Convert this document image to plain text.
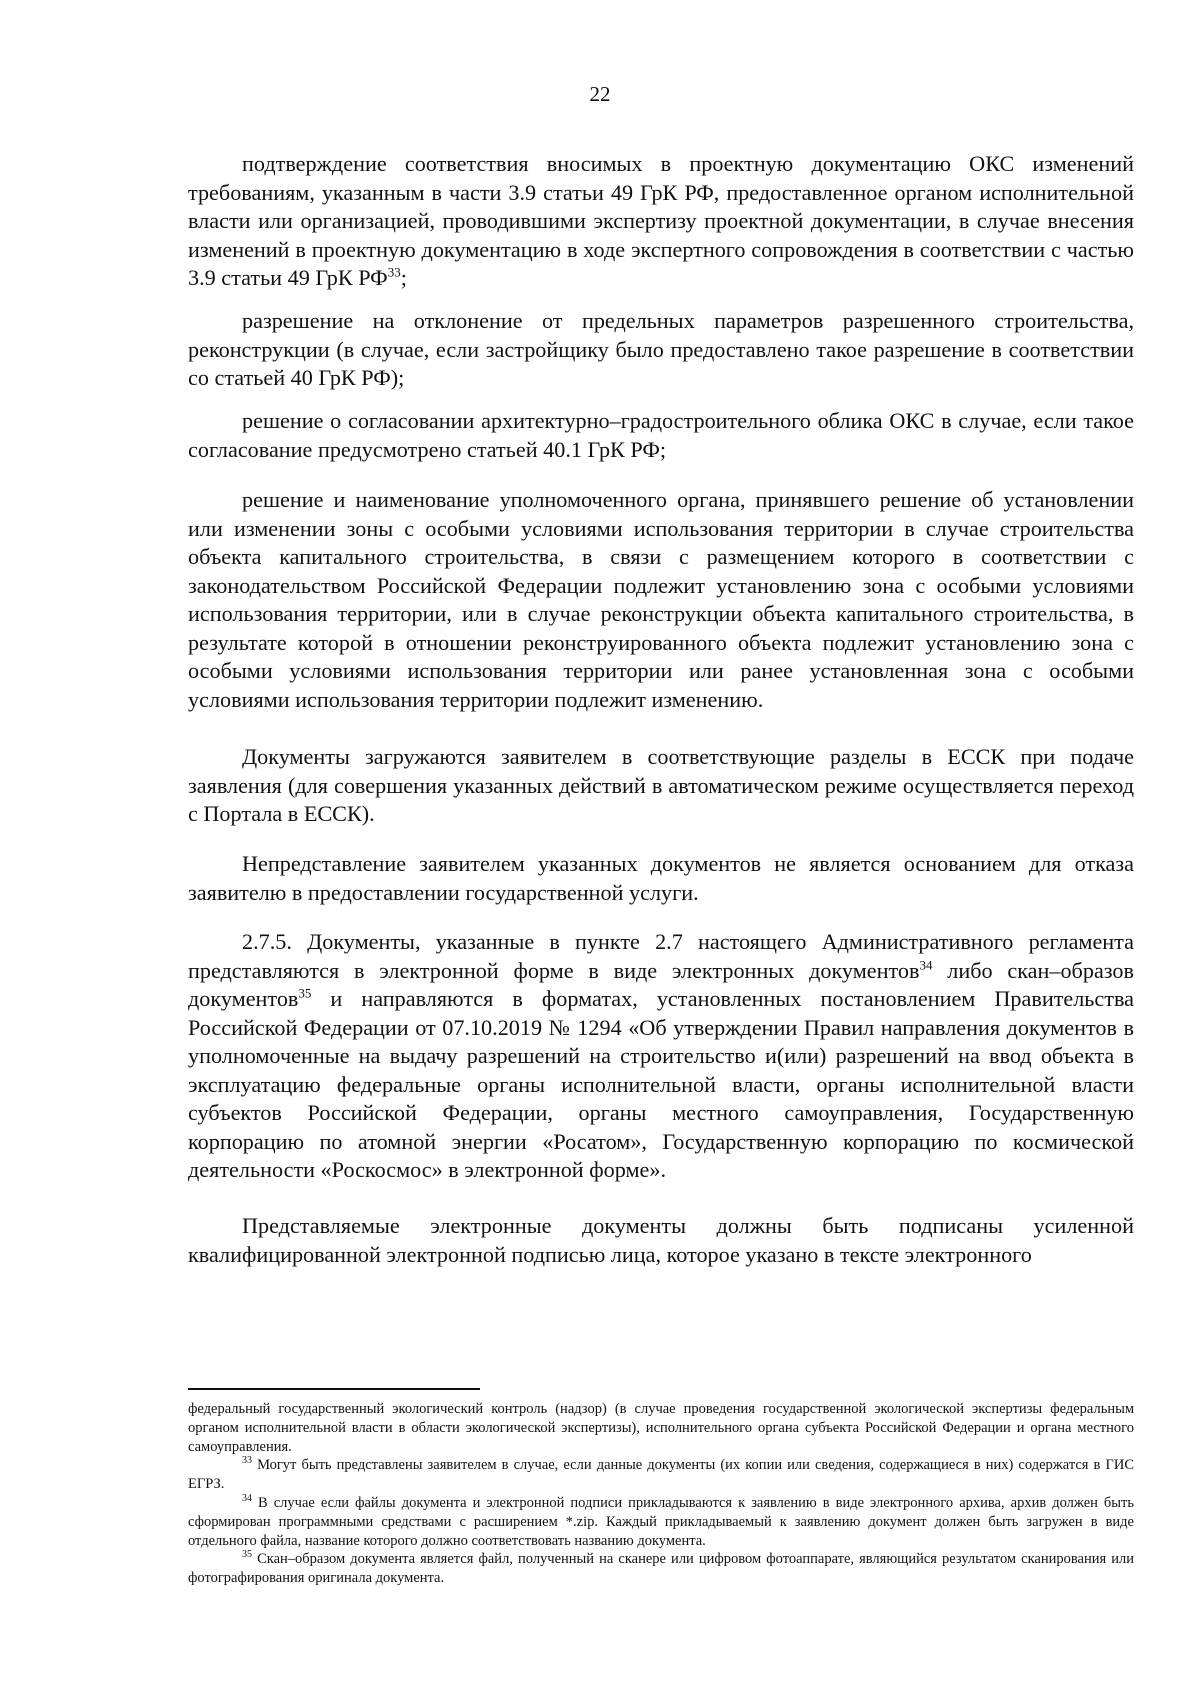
22

подтверждение соответствия вносимых в проектную документацию ОКС изменений требованиям, указанным в части 3.9 статьи 49 ГрК РФ, предоставленное органом исполнительной власти или организацией, проводившими экспертизу проектной документации, в случае внесения изменений в проектную документацию в ходе экспертного сопровождения в соответствии с частью 3.9 статьи 49 ГрК РФ$^{33}$;

разрешение на отклонение от предельных параметров разрешенного строительства, реконструкции (в случае, если застройщику было предоставлено такое разрешение в соответствии со статьей 40 ГрК РФ);

решение о согласовании архитектурно–градостроительного облика ОКС в случае, если такое согласование предусмотрено статьей 40.1 ГрК РФ;

решение и наименование уполномоченного органа, принявшего решение об установлении или изменении зоны с особыми условиями использования территории в случае строительства объекта капитального строительства, в связи с размещением которого в соответствии с законодательством Российской Федерации подлежит установлению зона с особыми условиями использования территории, или в случае реконструкции объекта капитального строительства, в результате которой в отношении реконструированного объекта подлежит установлению зона с особыми условиями использования территории или ранее установленная зона с особыми условиями использования территории подлежит изменению.

Документы загружаются заявителем в соответствующие разделы в ЕССК при подаче заявления (для совершения указанных действий в автоматическом режиме осуществляется переход с Портала в ЕССК).

Непредставление заявителем указанных документов не является основанием для отказа заявителю в предоставлении государственной услуги.

2.7.5. Документы, указанные в пункте 2.7 настоящего Административного регламента представляются в электронной форме в виде электронных документов$^{34}$ либо скан–образов документов$^{35}$ и направляются в форматах, установленных постановлением Правительства Российской Федерации от 07.10.2019 № 1294 «Об утверждении Правил направления документов в уполномоченные на выдачу разрешений на строительство и(или) разрешений на ввод объекта в эксплуатацию федеральные органы исполнительной власти, органы исполнительной власти субъектов Российской Федерации, органы местного самоуправления, Государственную корпорацию по атомной энергии «Росатом», Государственную корпорацию по космической деятельности «Роскосмос» в электронной форме».

Представляемые электронные документы должны быть подписаны усиленной квалифицированной электронной подписью лица, которое указано в тексте электронного

федеральный государственный экологический контроль (надзор) (в случае проведения государственной экологической экспертизы федеральным органом исполнительной власти в области экологической экспертизы), исполнительного органа субъекта Российской Федерации и органа местного самоуправления.

$^{33}$ Могут быть представлены заявителем в случае, если данные документы (их копии или сведения, содержащиеся в них) содержатся в ГИС ЕГРЗ.

$^{34}$ В случае если файлы документа и электронной подписи прикладываются к заявлению в виде электронного архива, архив должен быть сформирован программными средствами с расширением *.zip. Каждый прикладываемый к заявлению документ должен быть загружен в виде отдельного файла, название которого должно соответствовать названию документа.

$^{35}$ Скан–образом документа является файл, полученный на сканере или цифровом фотоаппарате, являющийся результатом сканирования или фотографирования оригинала документа.
